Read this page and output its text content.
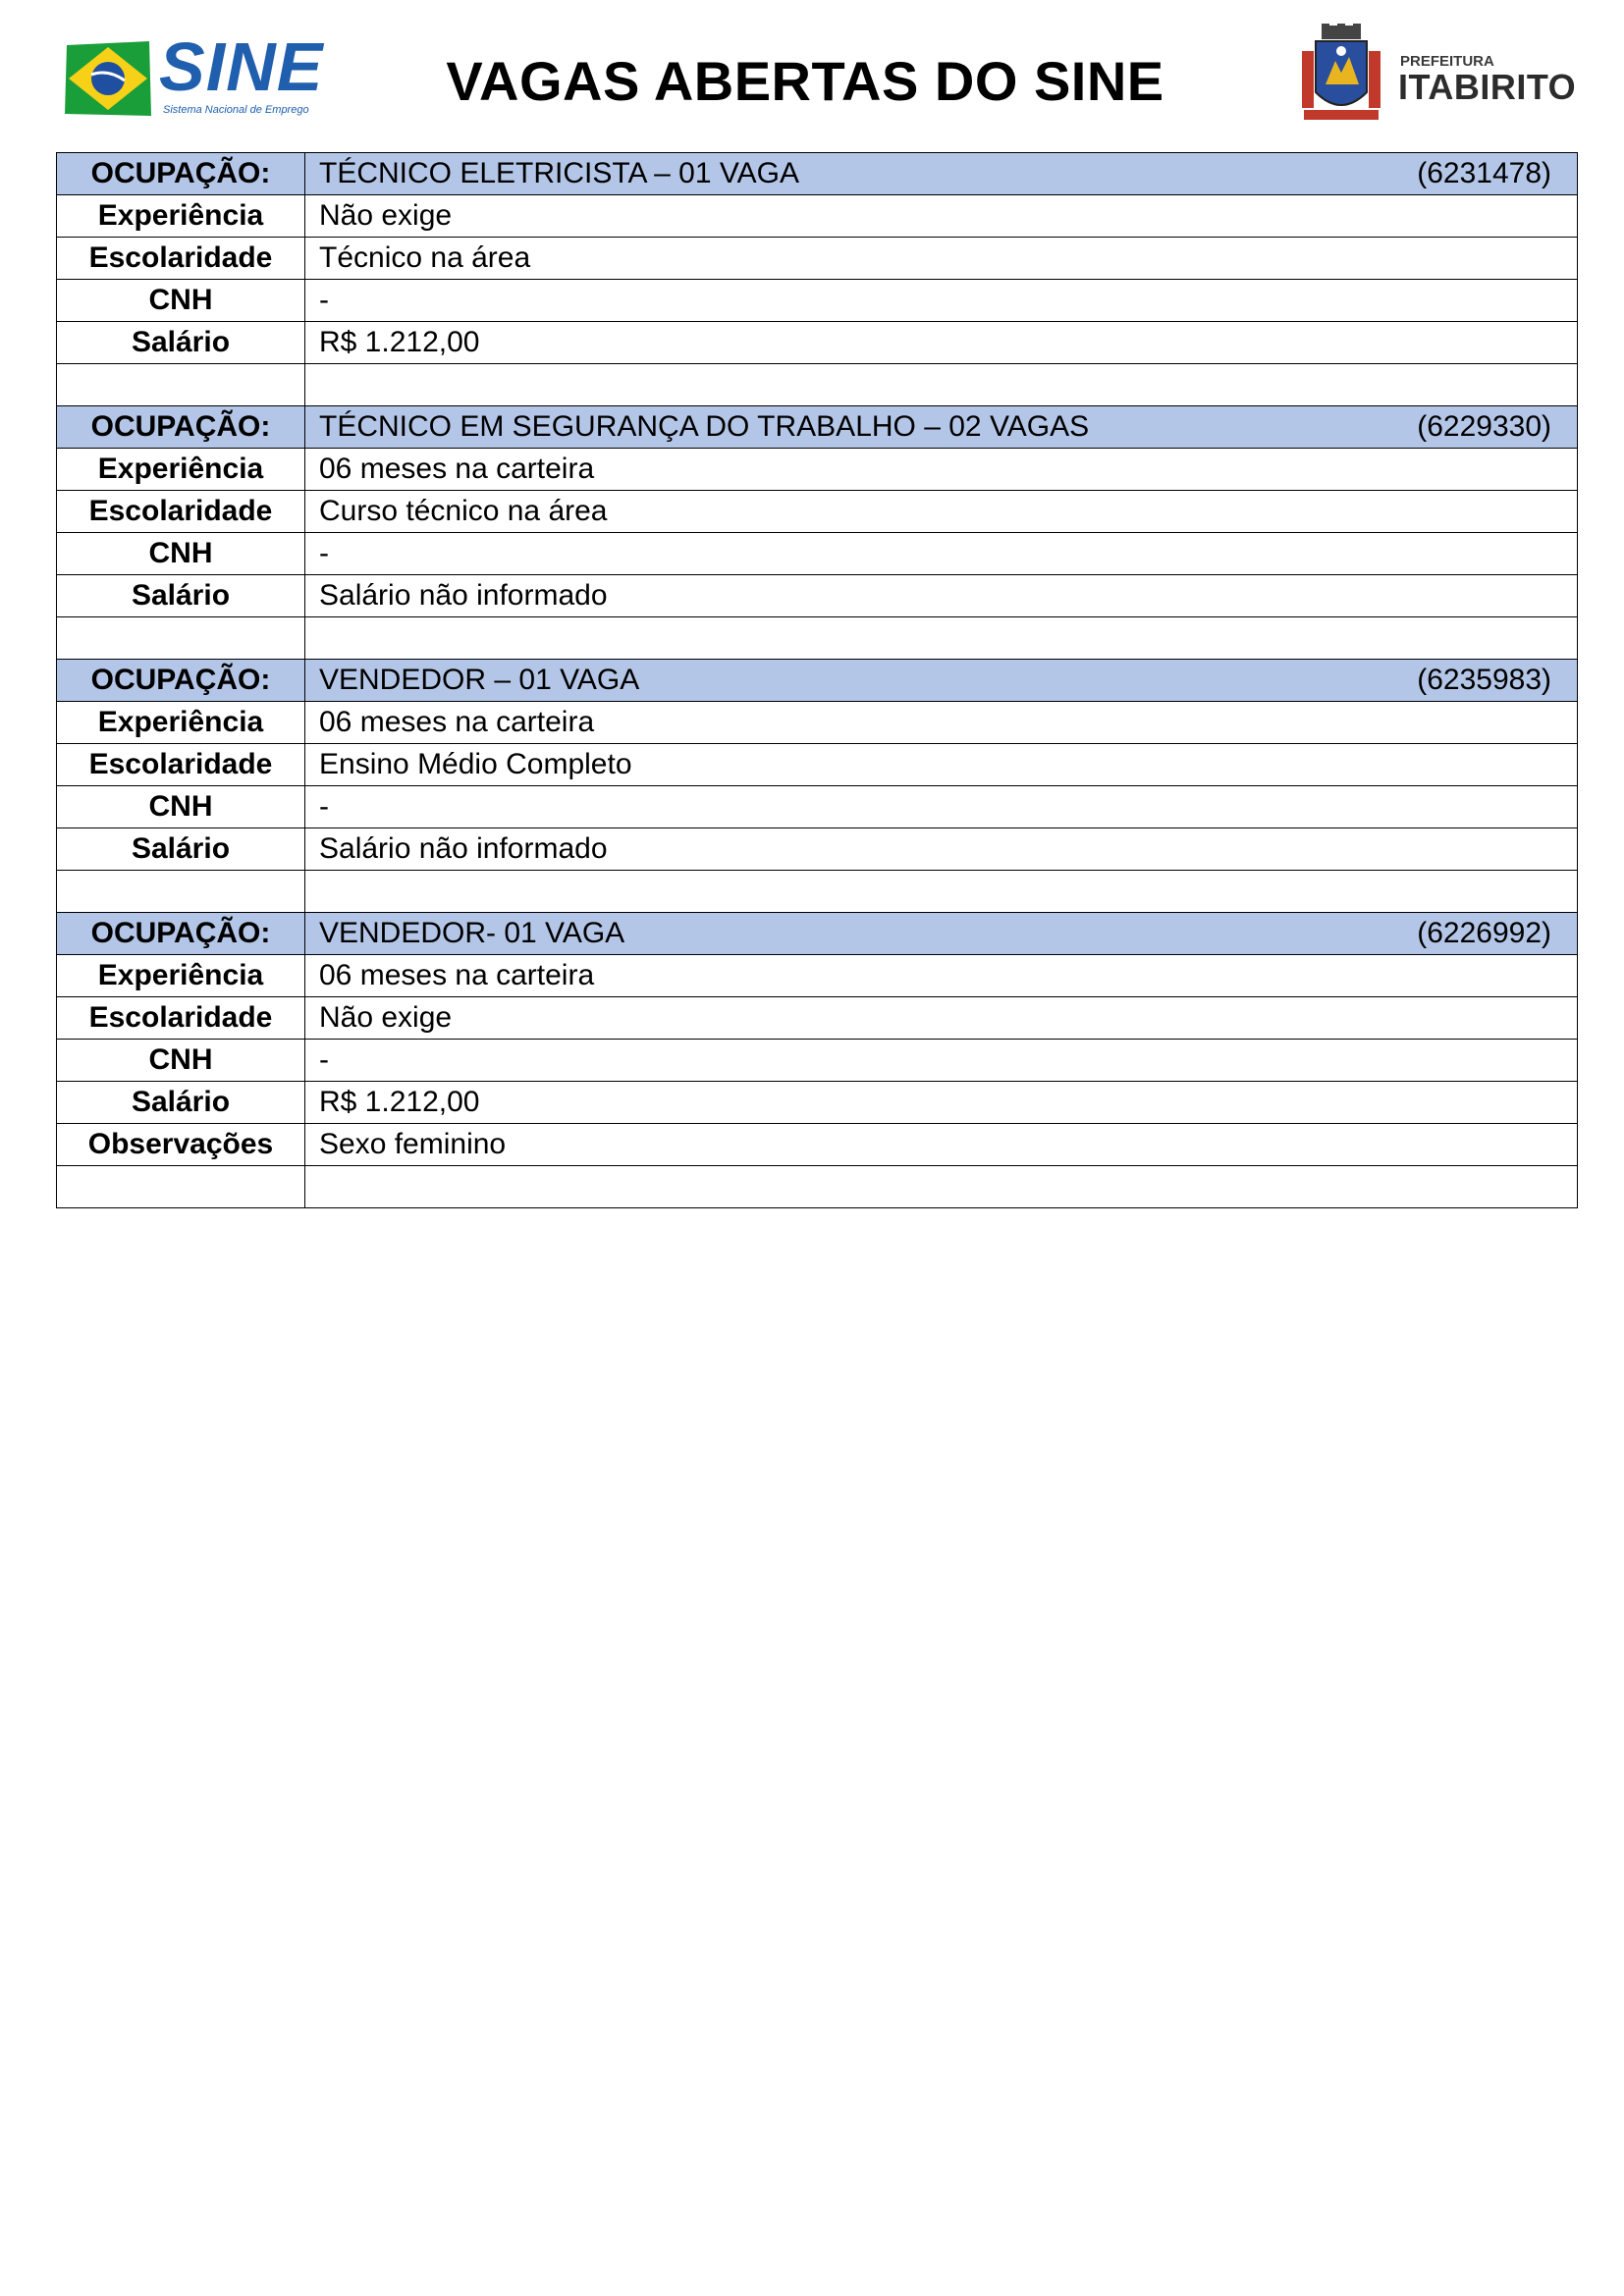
SINE
Sistema Nacional de Emprego	VAGAS ABERTAS DO SINE	PREFEITURA
ITABIRITO
OCUPAÇÃO:	TÉCNICO ELETRICISTA – 01 VAGA (6231478)

Experiência	Não exige
Escolaridade	Técnico na área
CNH	-
Salário	R$ 1.212,00

OCUPAÇÃO:	TÉCNICO EM SEGURANÇA DO TRABALHO – 02 VAGAS (6229330)

Experiência	06 meses na carteira
Escolaridade	Curso técnico na área
CNH	-
Salário	Salário não informado

OCUPAÇÃO:	VENDEDOR – 01 VAGA (6235983)

Experiência	06 meses na carteira
Escolaridade	Ensino Médio Completo
CNH	-
Salário	Salário não informado

OCUPAÇÃO:	VENDEDOR- 01 VAGA (6226992)

Experiência	06 meses na carteira
Escolaridade	Não exige
CNH	-
Salário	R$ 1.212,00
Observações	Sexo feminino
